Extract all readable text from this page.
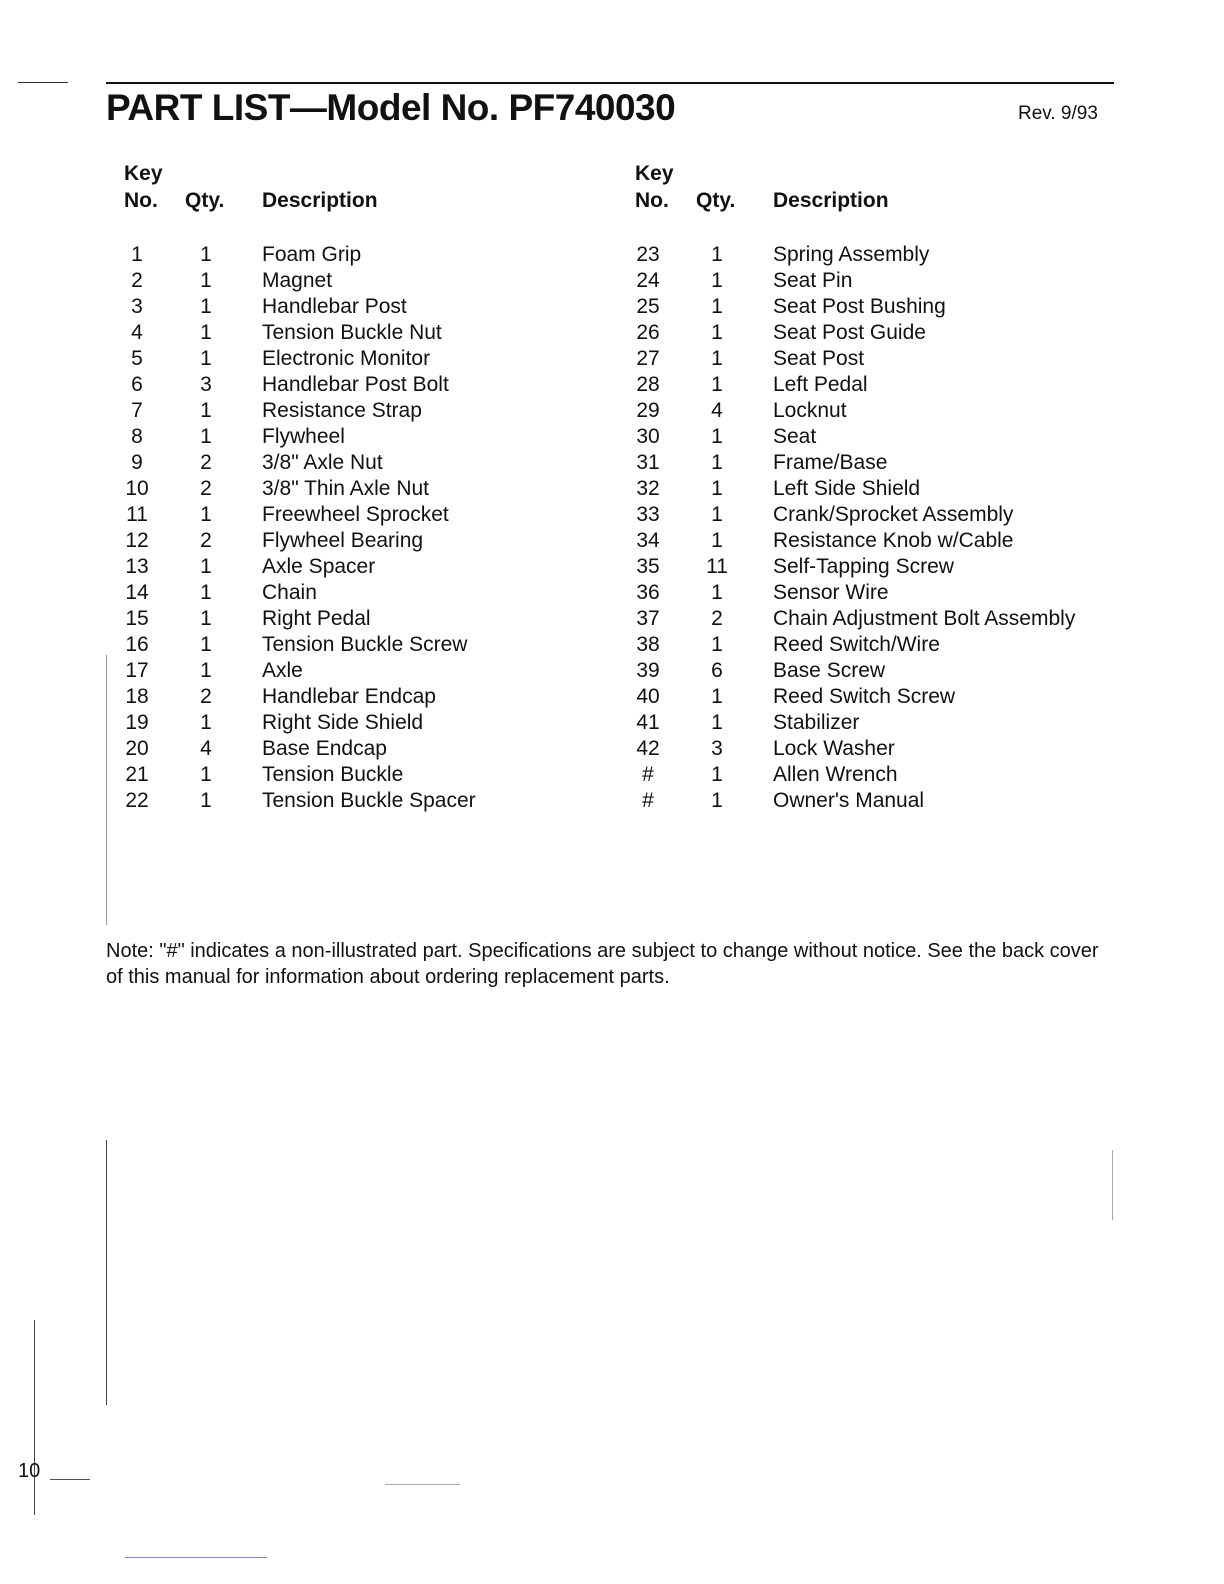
PART LIST—Model No. PF740030	Rev. 9/93
Key
No. Qty. Description
1	1	Foam Grip
2	1	Magnet
3	1	Handlebar Post
4	1	Tension Buckle Nut
5	1	Electronic Monitor
6	3	Handlebar Post Bolt
7	1	Resistance Strap
8	1	Flywheel
9	2	3/8" Axle Nut
10	2	3/8" Thin Axle Nut
11	1	Freewheel Sprocket
12	2	Flywheel Bearing
13	1	Axle Spacer
14	1	Chain
15	1	Right Pedal
16	1	Tension Buckle Screw
17	1	Axle
18	2	Handlebar Endcap
19	1	Right Side Shield
20	4	Base Endcap
21	1	Tension Buckle
22	1	Tension Buckle Spacer
Key
No. Qty. Description
23	1	Spring Assembly
24	1	Seat Pin
25	1	Seat Post Bushing
26	1	Seat Post Guide
27	1	Seat Post
28	1	Left Pedal
29	4	Locknut
30	1	Seat
31	1	Frame/Base
32	1	Left Side Shield
33	1	Crank/Sprocket Assembly
34	1	Resistance Knob w/Cable
35	11	Self-Tapping Screw
36	1	Sensor Wire
37	2	Chain Adjustment Bolt Assembly
38	1	Reed Switch/Wire
39	6	Base Screw
40	1	Reed Switch Screw
41	1	Stabilizer
42	3	Lock Washer
#	1	Allen Wrench
#	1	Owner's Manual
Note: "#" indicates a non-illustrated part. Specifications are subject to change without notice. See the back cover of this manual for information about ordering replacement parts.
10
